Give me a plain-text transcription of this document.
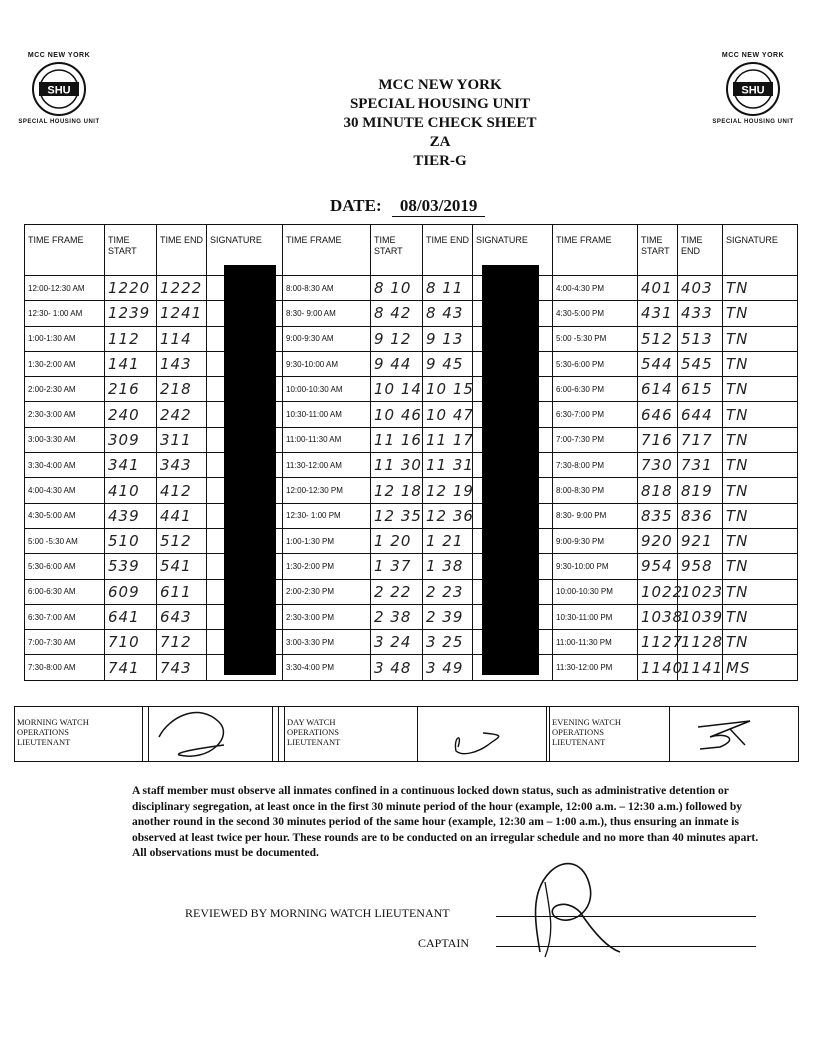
MCC NEW YORK
SHU
SPECIAL HOUSING UNIT
MCC NEW YORK
SHU
SPECIAL HOUSING UNIT
MCC NEW YORK
SPECIAL HOUSING UNIT
30 MINUTE CHECK SHEET
ZA
TIER-G
DATE: 08/03/2019
TIME FRAME	TIME START	TIME END	SIGNATURE	TIME FRAME	TIME START	TIME END	SIGNATURE	TIME FRAME	TIME START	TIME END	SIGNATURE
12:00-12:30 AM	1220	1222		8:00-8:30 AM	8 10	8 11		4:00-4:30 PM	401	403	TN
12:30- 1:00 AM	1239	1241		8:30- 9:00 AM	8 42	8 43		4:30-5:00 PM	431	433	TN
1:00-1:30 AM	112	114		9:00-9:30 AM	9 12	9 13		5:00 -5:30 PM	512	513	TN
1:30-2:00 AM	141	143		9:30-10:00 AM	9 44	9 45		5:30-6:00 PM	544	545	TN
2:00-2:30 AM	216	218		10:00-10:30 AM	10 14	10 15		6:00-6:30 PM	614	615	TN
2:30-3:00 AM	240	242		10:30-11:00 AM	10 46	10 47		6:30-7:00 PM	646	644	TN
3:00-3:30 AM	309	311		11:00-11:30 AM	11 16	11 17		7:00-7:30 PM	716	717	TN
3:30-4:00 AM	341	343		11:30-12:00 AM	11 30	11 31		7:30-8:00 PM	730	731	TN
4:00-4:30 AM	410	412		12:00-12:30 PM	12 18	12 19		8:00-8:30 PM	818	819	TN
4:30-5:00 AM	439	441		12:30- 1:00 PM	12 35	12 36		8:30- 9:00 PM	835	836	TN
5:00 -5:30 AM	510	512		1:00-1:30 PM	1 20	1 21		9:00-9:30 PM	920	921	TN
5:30-6:00 AM	539	541		1:30-2:00 PM	1 37	1 38		9:30-10:00 PM	954	958	TN
6:00-6:30 AM	609	611		2:00-2:30 PM	2 22	2 23		10:00-10:30 PM	1022	1023	TN
6:30-7:00 AM	641	643		2:30-3:00 PM	2 38	2 39		10:30-11:00 PM	1038	1039	TN
7:00-7:30 AM	710	712		3:00-3:30 PM	3 24	3 25		11:00-11:30 PM	1127	1128	TN
7:30-8:00 AM	741	743		3:30-4:00 PM	3 48	3 49		11:30-12:00 PM	1140	1141	MS
MORNING WATCH
OPERATIONS
LIEUTENANT
DAY WATCH
OPERATIONS
LIEUTENANT
EVENING WATCH
OPERATIONS
LIEUTENANT
A staff member must observe all inmates confined in a continuous locked down status, such as administrative detention or disciplinary segregation, at least once in the first 30 minute period of the hour (example, 12:00 a.m. – 12:30 a.m.) followed by another round in the second 30 minutes period of the same hour (example, 12:30 am – 1:00 a.m.), thus ensuring an inmate is observed at least twice per hour. These rounds are to be conducted on an irregular schedule and no more than 40 minutes apart. All observations must be documented.
REVIEWED BY MORNING WATCH LIEUTENANT
CAPTAIN
